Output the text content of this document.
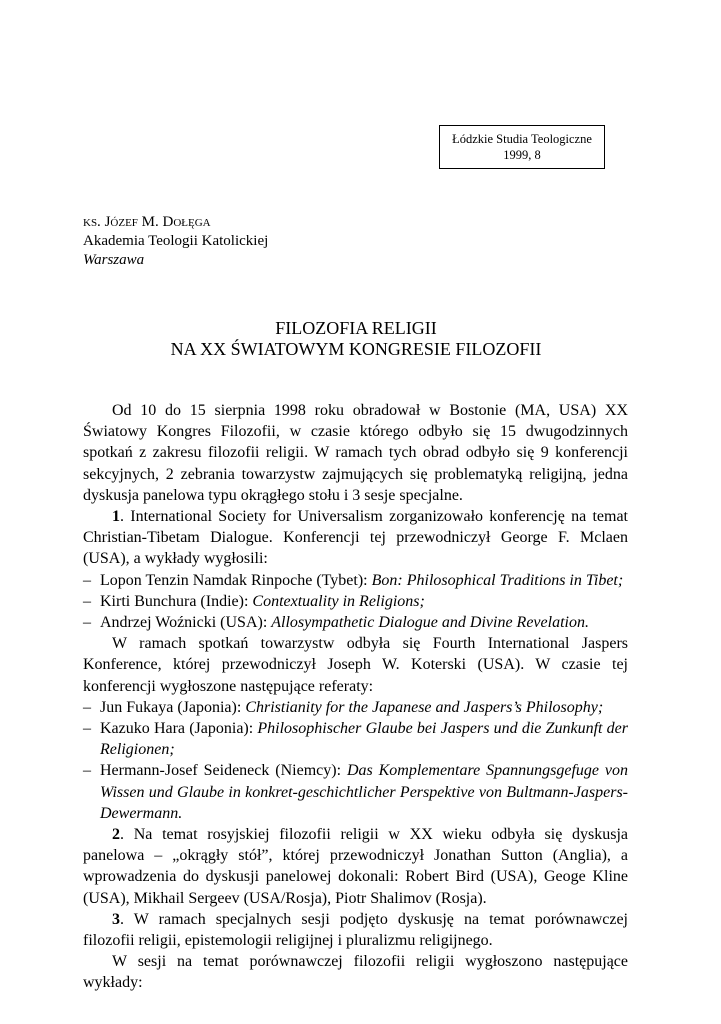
Łódzkie Studia Teologiczne
1999, 8
ks. Józef M. Dołęga
Akademia Teologii Katolickiej
Warszawa
FILOZOFIA RELIGII
NA XX ŚWIATOWYM KONGRESIE FILOZOFII

Od 10 do 15 sierpnia 1998 roku obradował w Bostonie (MA, USA) XX Światowy Kongres Filozofii, w czasie którego odbyło się 15 dwugodzinnych spotkań z zakresu filozofii religii. W ramach tych obrad odbyło się 9 konferencji sekcyjnych, 2 zebrania towarzystw zajmujących się problematyką religijną, jedna dyskusja panelowa typu okrągłego stołu i 3 sesje specjalne.

1. International Society for Universalism zorganizowało konferencję na temat Christian-Tibetam Dialogue. Konferencji tej przewodniczył George F. Mclaen (USA), a wykłady wygłosili:

– Lopon Tenzin Namdak Rinpoche (Tybet): Bon: Philosophical Traditions in Tibet;

– Kirti Bunchura (Indie): Contextuality in Religions;

– Andrzej Woźnicki (USA): Allosympathetic Dialogue and Divine Revelation.

W ramach spotkań towarzystw odbyła się Fourth International Jaspers Konference, której przewodniczył Joseph W. Koterski (USA). W czasie tej konferencji wygłoszone następujące referaty:

– Jun Fukaya (Japonia): Christianity for the Japanese and Jaspers’s Philosophy;

– Kazuko Hara (Japonia): Philosophischer Glaube bei Jaspers und die Zunkunft der Religionen;

– Hermann-Josef Seideneck (Niemcy): Das Komplementare Spannungsgefuge von Wissen und Glaube in konkret-geschichtlicher Perspektive von Bultmann-Jaspers-Dewermann.

2. Na temat rosyjskiej filozofii religii w XX wieku odbyła się dyskusja panelowa – „okrągły stół”, której przewodniczył Jonathan Sutton (Anglia), a wprowadzenia do dyskusji panelowej dokonali: Robert Bird (USA), Geoge Kline (USA), Mikhail Sergeev (USA/Rosja), Piotr Shalimov (Rosja).

3. W ramach specjalnych sesji podjęto dyskusję na temat porównawczej filozofii religii, epistemologii religijnej i pluralizmu religijnego.

W sesji na temat porównawczej filozofii religii wygłoszono następujące wykłady:
